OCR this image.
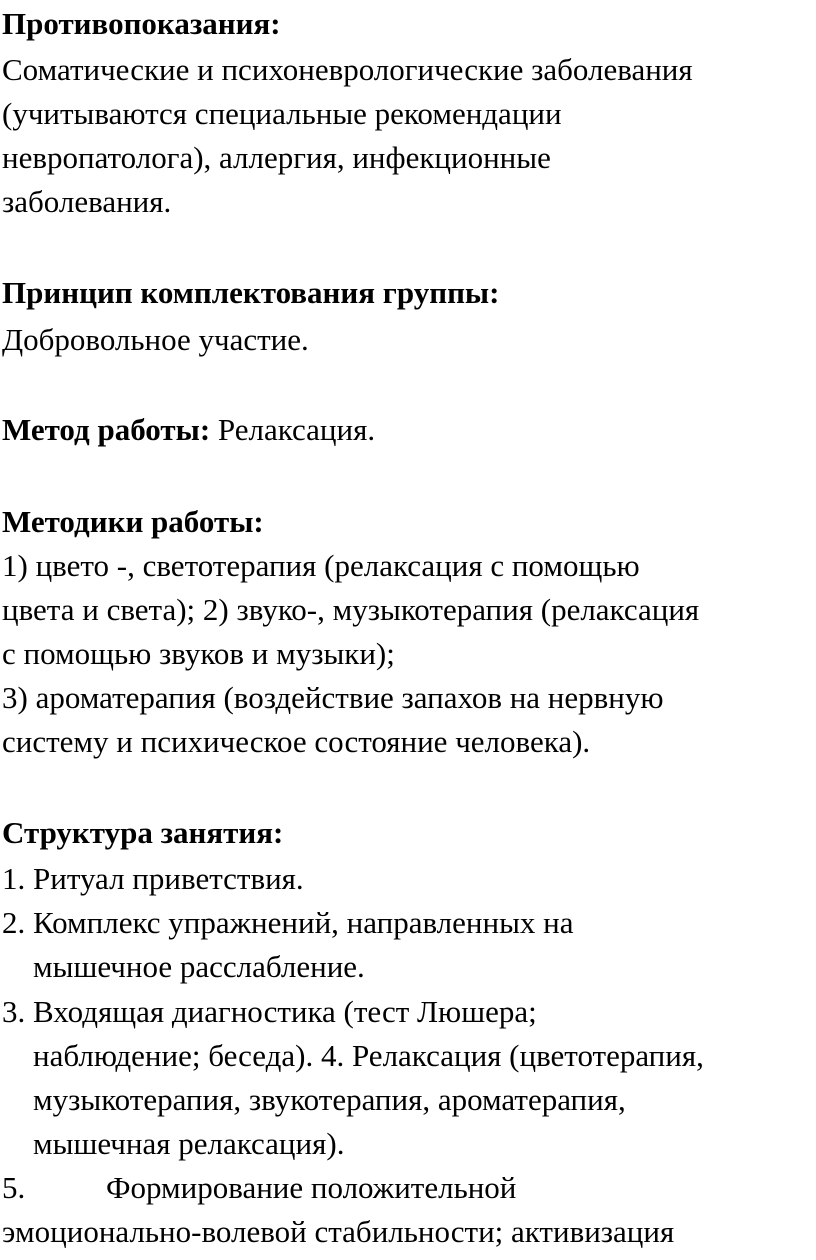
Противопоказания:
Соматические и психоневрологические заболевания
(учитываются специальные рекомендации
невропатолога), аллергия, инфекционные
заболевания.
Принцип комплектования группы:
Добровольное участие.
Метод работы: Релаксация.
Методики работы:
1) цвето -, светотерапия (релаксация с помощью
цвета и света); 2) звуко-, музыкотерапия (релаксация
с помощью звуков и музыки);
3) ароматерапия (воздействие запахов на нервную
систему и психическое состояние человека).
Структура занятия:
1. Ритуал приветствия.
2. Комплекс упражнений, направленных на
мышечное расслабление.
3. Входящая диагностика (тест Люшера;
наблюдение; беседа). 4. Релаксация (цветотерапия,
музыкотерапия, звукотерапия, ароматерапия,
мышечная релаксация).
5.	Формирование положительной
эмоционально-волевой стабильности; активизация
